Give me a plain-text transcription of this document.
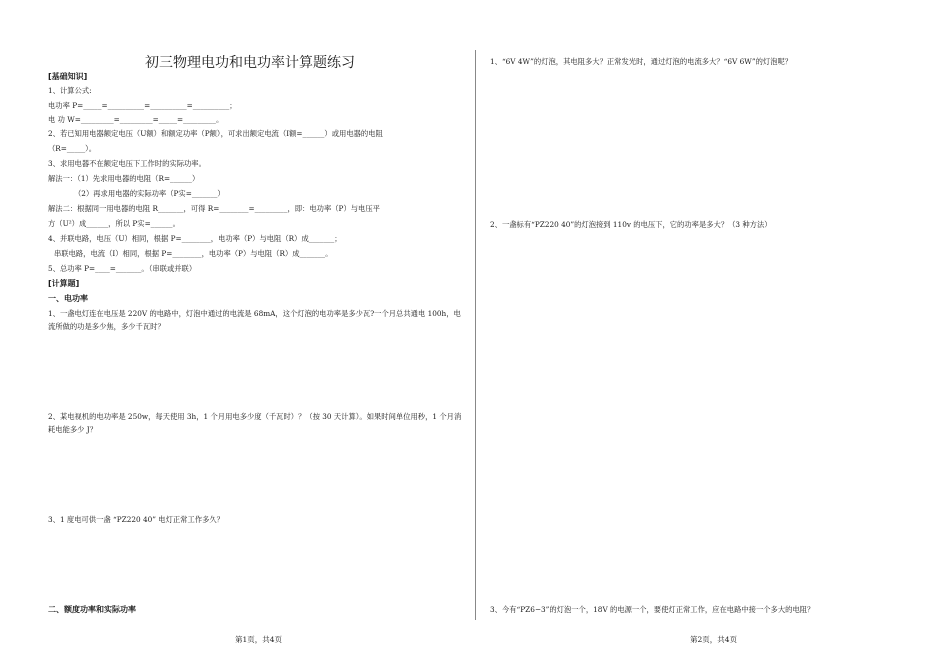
初三物理电功和电功率计算题练习
[基础知识]
1、计算公式:
电功率 P=_____=__________=__________=__________；
电 功 W=_________=_________=_____=_________。
2、若已知用电器额定电压（U额）和额定功率（P额），可求出额定电流（I额=______）或用电器的电阻
（R=_____）。
3、求用电器不在额定电压下工作时的实际功率。
解法一：（1）先求用电器的电阻（R=______）
（2）再求用电器的实际功率（P实=_______）
解法二：根据同一用电器的电阻 R_______，可得 R=________=_________，即：电功率（P）与电压平
方（U²）成______，所以 P实=______。
4、并联电路，电压（U）相同，根据 P=________，电功率（P）与电阻（R）成_______；
串联电路，电流（I）相同，根据 P=________，电功率（P）与电阻（R）成_______。
5、总功率 P=____=_______。（串联或并联）
[计算题]
一、电功率
1、一盏电灯连在电压是 220V 的电路中，灯泡中通过的电流是 68mA，这个灯泡的电功率是多少瓦?一个月总共通电 100h，电流所做的功是多少焦，多少千瓦时？
2、某电视机的电功率是 250w，每天使用 3h，1 个月用电多少度（千瓦时）？（按 30 天计算）。如果时间单位用秒，1 个月消耗电能多少 J？
3、1 度电可供一盏 “PZ220 40” 电灯正常工作多久？
二、额度功率和实际功率
第1页，共4页
1、“6V 4W”的灯泡，其电阻多大？正常发光时，通过灯泡的电流多大？“6V 6W”的灯泡呢？
2、一盏标有“PZ220 40”的灯泡接到 110v 的电压下，它的功率是多大？（3 种方法）
3、今有“PZ6−3”的灯泡一个，18V 的电源一个，要使灯正常工作，应在电路中接一个多大的电阻？
第2页，共4页
